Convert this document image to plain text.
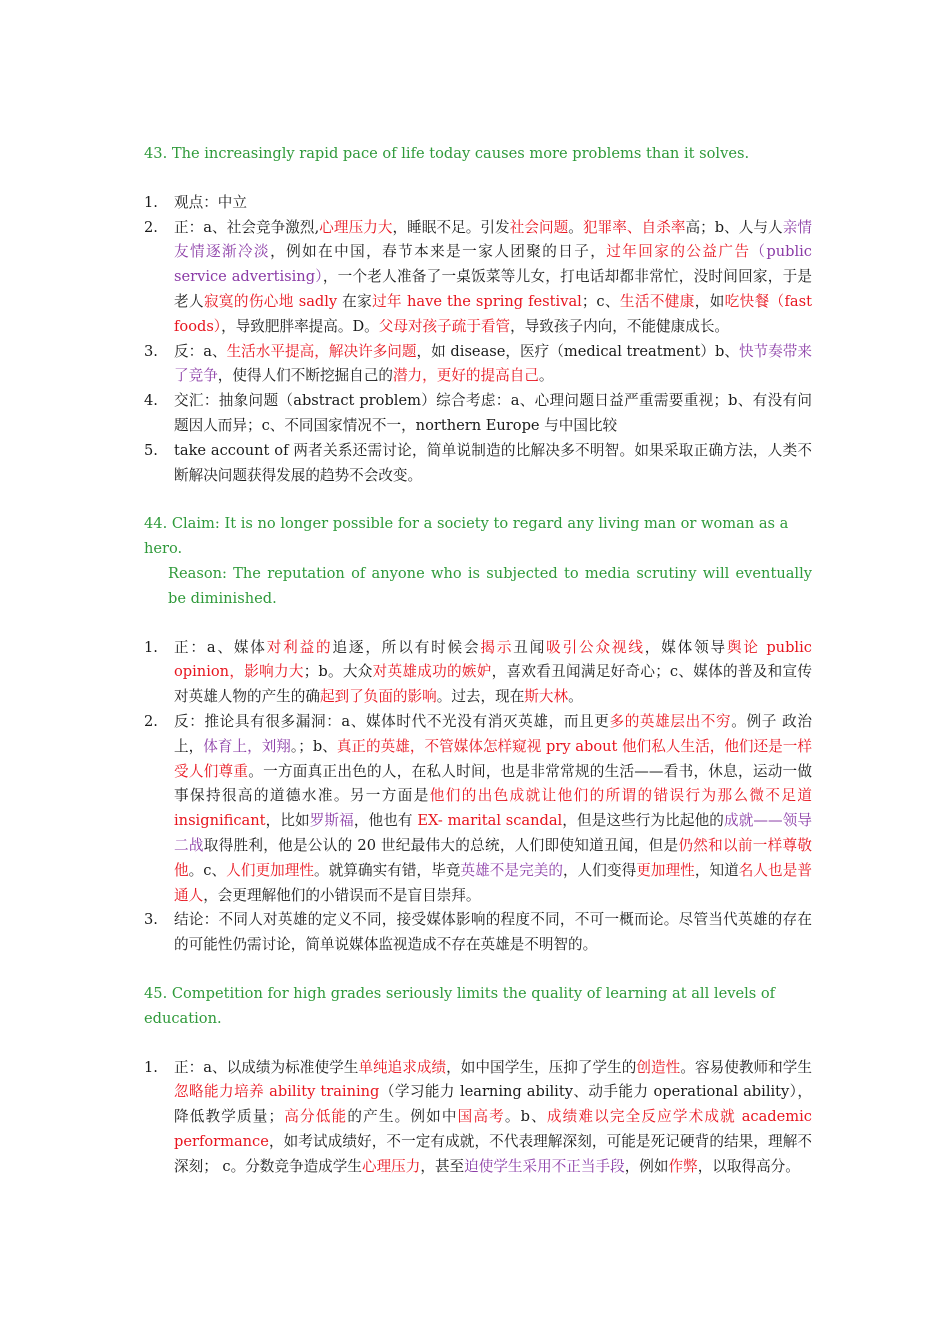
43. The increasingly rapid pace of life today causes more problems than it solves.

1.	观点：中立
2.	正：a、社会竞争激烈,心理压力大，睡眠不足。引发社会问题。犯罪率、自杀率高；b、人与人亲情友情逐渐冷淡，例如在中国，春节本来是一家人团聚的日子，过年回家的公益广告（public service advertising），一个老人准备了一桌饭菜等儿女，打电话却都非常忙，没时间回家，于是老人寂寞的伤心地 sadly 在家过年 have the spring festival；c、生活不健康，如吃快餐（fast foods），导致肥胖率提高。D。父母对孩子疏于看管，导致孩子内向，不能健康成长。
3.	反：a、生活水平提高，解决许多问题，如 disease，医疗（medical treatment）b、快节奏带来了竞争，使得人们不断挖掘自己的潜力，更好的提高自己。
4.	交汇：抽象问题（abstract problem）综合考虑：a、心理问题日益严重需要重视；b、有没有问题因人而异；c、不同国家情况不一，northern Europe 与中国比较
5.	take account of 两者关系还需讨论，简单说制造的比解决多不明智。如果采取正确方法，人类不断解决问题获得发展的趋势不会改变。

44. Claim: It is no longer possible for a society to regard any living man or woman as a hero.
Reason: The reputation of anyone who is subjected to media scrutiny will eventually be diminished.

1.	正：a、媒体对利益的追逐，所以有时候会揭示丑闻吸引公众视线，媒体领导舆论 public opinion，影响力大；b。大众对英雄成功的嫉妒，喜欢看丑闻满足好奇心；c、媒体的普及和宣传对英雄人物的产生的确起到了负面的影响。过去，现在斯大林。
2.	反：推论具有很多漏洞：a、媒体时代不光没有消灭英雄，而且更多的英雄层出不穷。例子 政治上，体育上，刘翔。；b、真正的英雄，不管媒体怎样窥视 pry about 他们私人生活，他们还是一样受人们尊重。一方面真正出色的人，在私人时间，也是非常常规的生活——看书，休息，运动一做事保持很高的道德水准。另一方面是他们的出色成就让他们的所谓的错误行为那么微不足道 insignificant，比如罗斯福，他也有 EX- marital scandal，但是这些行为比起他的成就——领导二战取得胜利，他是公认的 20 世纪最伟大的总统，人们即使知道丑闻，但是仍然和以前一样尊敬他。c、人们更加理性。就算确实有错，毕竟英雄不是完美的，人们变得更加理性，知道名人也是普通人，会更理解他们的小错误而不是盲目崇拜。
3.	结论：不同人对英雄的定义不同，接受媒体影响的程度不同，不可一概而论。尽管当代英雄的存在的可能性仍需讨论，简单说媒体监视造成不存在英雄是不明智的。

45. Competition for high grades seriously limits the quality of learning at all levels of education.

1.	正：a、以成绩为标准使学生单纯追求成绩，如中国学生，压抑了学生的创造性。容易使教师和学生忽略能力培养 ability training（学习能力 learning ability、动手能力 operational ability），降低教学质量；高分低能的产生。例如中国高考。b、成绩难以完全反应学术成就 academic performance，如考试成绩好，不一定有成就，不代表理解深刻，可能是死记硬背的结果，理解不深刻； c。分数竞争造成学生心理压力，甚至迫使学生采用不正当手段，例如作弊，以取得高分。
